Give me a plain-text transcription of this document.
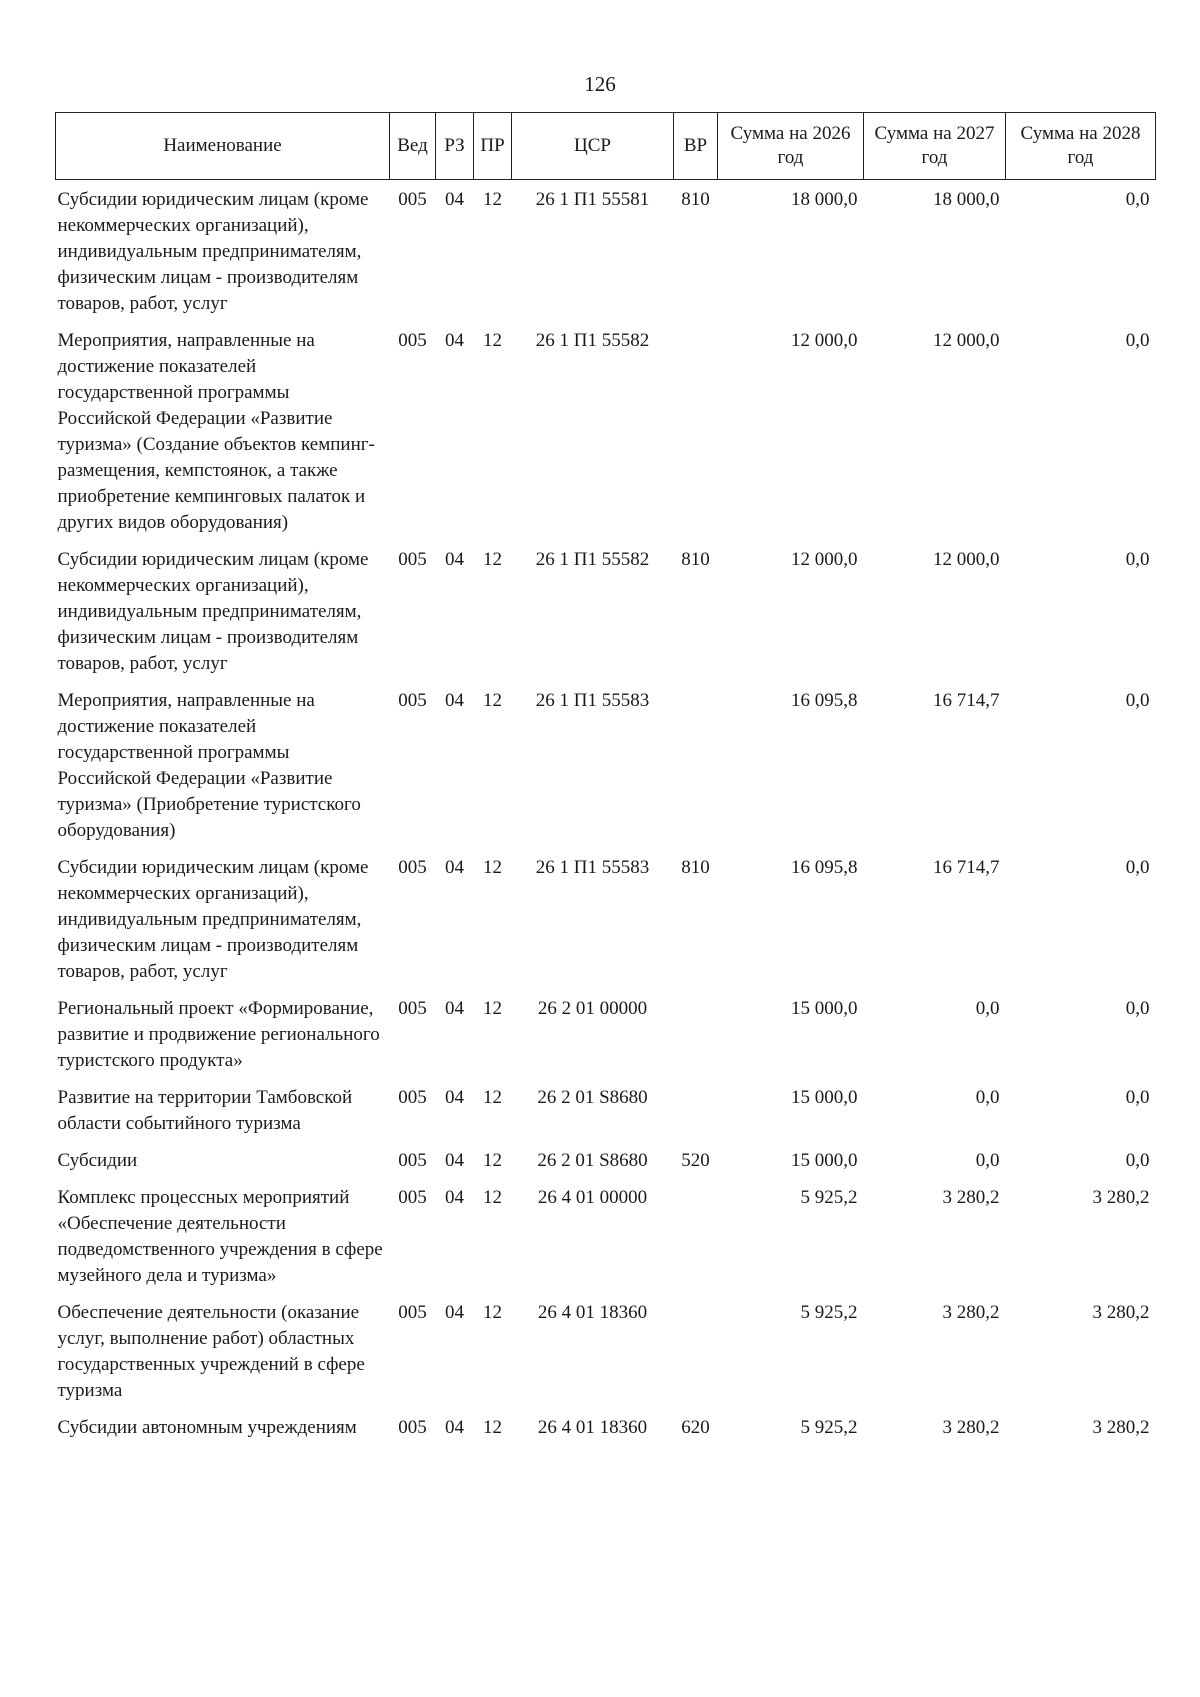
126
Наименование	Вед	РЗ	ПР	ЦСР	ВР	Сумма на 2026 год	Сумма на 2027 год	Сумма на 2028 год
Субсидии юридическим лицам (кроме некоммерческих организаций), индивидуальным предпринимателям, физическим лицам - производителям товаров, работ, услуг	005	04	12	26 1 П1 55581	810	18 000,0	18 000,0	0,0
Мероприятия, направленные на достижение показателей государственной программы Российской Федерации «Развитие туризма» (Создание объектов кемпинг-размещения, кемпстоянок, а также приобретение кемпинговых палаток и других видов оборудования)	005	04	12	26 1 П1 55582		12 000,0	12 000,0	0,0
Субсидии юридическим лицам (кроме некоммерческих организаций), индивидуальным предпринимателям, физическим лицам - производителям товаров, работ, услуг	005	04	12	26 1 П1 55582	810	12 000,0	12 000,0	0,0
Мероприятия, направленные на достижение показателей государственной программы Российской Федерации «Развитие туризма» (Приобретение туристского оборудования)	005	04	12	26 1 П1 55583		16 095,8	16 714,7	0,0
Субсидии юридическим лицам (кроме некоммерческих организаций), индивидуальным предпринимателям, физическим лицам - производителям товаров, работ, услуг	005	04	12	26 1 П1 55583	810	16 095,8	16 714,7	0,0
Региональный проект «Формирование, развитие и продвижение регионального туристского продукта»	005	04	12	26 2 01 00000		15 000,0	0,0	0,0
Развитие на территории Тамбовской области событийного туризма	005	04	12	26 2 01 S8680		15 000,0	0,0	0,0
Субсидии	005	04	12	26 2 01 S8680	520	15 000,0	0,0	0,0
Комплекс процессных мероприятий «Обеспечение деятельности подведомственного учреждения в сфере музейного дела и туризма»	005	04	12	26 4 01 00000		5 925,2	3 280,2	3 280,2
Обеспечение деятельности (оказание услуг, выполнение работ) областных государственных учреждений в сфере туризма	005	04	12	26 4 01 18360		5 925,2	3 280,2	3 280,2
Субсидии автономным учреждениям	005	04	12	26 4 01 18360	620	5 925,2	3 280,2	3 280,2
